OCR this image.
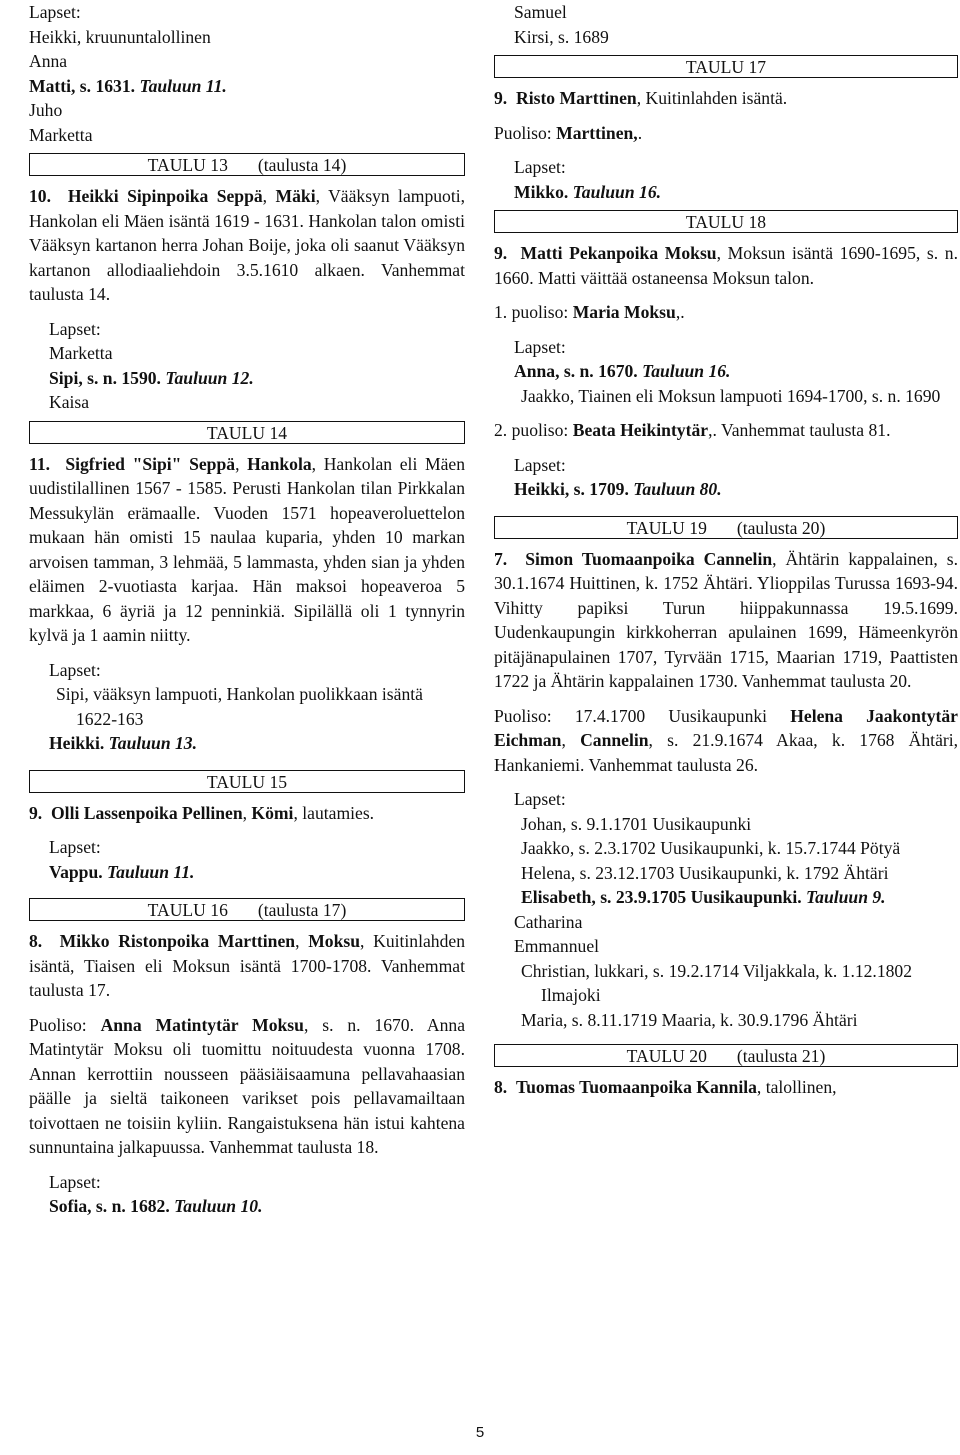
Lapset:

Heikki, kruununtalollinen

Anna

Matti, s. 1631. Tauluun 11.

Juho

Marketta

TAULU 13 (taulusta 14)

10. Heikki Sipinpoika Seppä, Mäki, Vääksyn lampuoti, Hankolan eli Mäen isäntä 1619 - 1631. Hankolan talon omisti Vääksyn kartanon herra Johan Boije, joka oli saanut Vääksyn kartanon allodiaaliehdoin 3.5.1610 alkaen. Vanhemmat taulusta 14.

Lapset:

Marketta

Sipi, s. n. 1590. Tauluun 12.

Kaisa

TAULU 14

11. Sigfried "Sipi" Seppä, Hankola, Hankolan eli Mäen uudistilallinen 1567 - 1585. Perusti Hankolan tilan Pirkkalan Messukylän erämaalle. Vuoden 1571 hopeaveroluettelon mukaan hän omisti 15 naulaa kuparia, yhden 10 markan arvoisen tamman, 3 lehmää, 5 lammasta, yhden sian ja yhden eläimen 2-vuotiasta karjaa. Hän maksoi hopeaveroa 5 markkaa, 6 äyriä ja 12 penninkiä. Sipilällä oli 1 tynnyrin kylvä ja 1 aamin niitty.

Lapset:

Sipi, vääksyn lampuoti, Hankolan puolikkaan isäntä 1622-163

Heikki. Tauluun 13.

TAULU 15

9. Olli Lassenpoika Pellinen, Kömi, lautamies.

Lapset:

Vappu. Tauluun 11.

TAULU 16 (taulusta 17)

8. Mikko Ristonpoika Marttinen, Moksu, Kuitinlahden isäntä, Tiaisen eli Moksun isäntä 1700-1708. Vanhemmat taulusta 17.

Puoliso: Anna Matintytär Moksu, s. n. 1670. Anna Matintytär Moksu oli tuomittu noituudesta vuonna 1708. Annan kerrottiin nousseen pääsiäisaamuna pellavahaasian päälle ja sieltä taikoneen varikset pois pellavamailtaan toivottaen ne toisiin kyliin. Rangaistuksena hän istui kahtena sunnuntaina jalkapuussa. Vanhemmat taulusta 18.

Lapset:

Sofia, s. n. 1682. Tauluun 10.

Samuel

Kirsi, s. 1689

TAULU 17

9. Risto Marttinen, Kuitinlahden isäntä.

Puoliso: Marttinen,.

Lapset:

Mikko. Tauluun 16.

TAULU 18

9. Matti Pekanpoika Moksu, Moksun isäntä 1690-1695, s. n. 1660. Matti väittää ostaneensa Moksun talon.

1. puoliso: Maria Moksu,.

Lapset:

Anna, s. n. 1670. Tauluun 16.

Jaakko, Tiainen eli Moksun lampuoti 1694-1700, s. n. 1690

2. puoliso: Beata Heikintytär,. Vanhemmat taulusta 81.

Lapset:

Heikki, s. 1709. Tauluun 80.

TAULU 19 (taulusta 20)

7. Simon Tuomaanpoika Cannelin, Ähtärin kappalainen, s. 30.1.1674 Huittinen, k. 1752 Ähtäri. Ylioppilas Turussa 1693-94. Vihitty papiksi Turun hiippakunnassa 19.5.1699. Uudenkaupungin kirkkoherran apulainen 1699, Hämeenkyrön pitäjänapulainen 1707, Tyrvään 1715, Maarian 1719, Paattisten 1722 ja Ähtärin kappalainen 1730. Vanhemmat taulusta 20.

Puoliso: 17.4.1700 Uusikaupunki Helena Jaakontytär Eichman, Cannelin, s. 21.9.1674 Akaa, k. 1768 Ähtäri, Hankaniemi. Vanhemmat taulusta 26.

Lapset:

Johan, s. 9.1.1701 Uusikaupunki

Jaakko, s. 2.3.1702 Uusikaupunki, k. 15.7.1744 Pötyä

Helena, s. 23.12.1703 Uusikaupunki, k. 1792 Ähtäri

Elisabeth, s. 23.9.1705 Uusikaupunki. Tauluun 9.

Catharina

Emmannuel

Christian, lukkari, s. 19.2.1714 Viljakkala, k. 1.12.1802 Ilmajoki

Maria, s. 8.11.1719 Maaria, k. 30.9.1796 Ähtäri

TAULU 20 (taulusta 21)

8. Tuomas Tuomaanpoika Kannila, talollinen,

5
